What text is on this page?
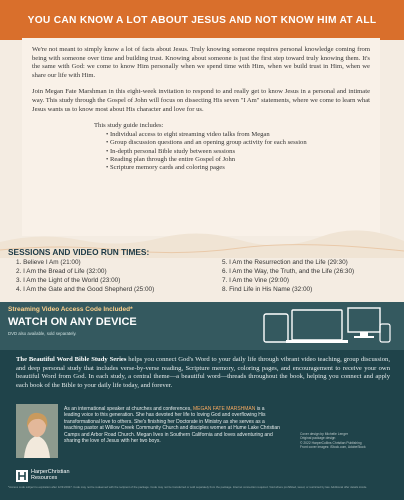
YOU CAN KNOW A LOT ABOUT JESUS AND NOT KNOW HIM AT ALL

We're not meant to simply know a lot of facts about Jesus. Truly knowing someone requires personal knowledge coming from being with someone over time and building trust. Knowing about someone is just the first step toward truly knowing them. It's the same with God: we come to know Him personally when we spend time with Him, when we build trust in Him, when we share our life with Him.

Join Megan Fate Marshman in this eight-week invitation to respond to and really get to know Jesus in a personal and intimate way. This study through the Gospel of John will focus on dissecting His seven "I Am" statements, where we come to learn what Jesus wants us to know most about His character and love for us.

This study guide includes:
• Individual access to eight streaming video talks from Megan
• Group discussion questions and an opening group activity for each session
• In-depth personal Bible study between sessions
• Reading plan through the entire Gospel of John
• Scripture memory cards and coloring pages
SESSIONS AND VIDEO RUN TIMES:
1. Believe I Am (21:00)
2. I Am the Bread of Life (32:00)
3. I Am the Light of the World (23:00)
4. I Am the Gate and the Good Shepherd (25:00)
5. I Am the Resurrection and the Life (29:30)
6. I Am the Way, the Truth, and the Life (26:30)
7. I Am the Vine (29:00)
8. Find Life in His Name (32:00)
Streaming Video Access Code Included*
WATCH ON ANY DEVICE
DVD also available, sold separately.
The Beautiful Word Bible Study Series helps you connect God's Word to your daily life through vibrant video teaching, group discussion, and deep personal study that includes verse-by-verse reading, Scripture memory, coloring pages, and encouragement to receive your own beautiful Word from God. In each study, a central theme—a beautiful word—threads throughout the book, helping you connect and apply each book of the Bible to your daily life today, and forever.
As an international speaker at churches and conferences, MEGAN FATE MARSHMAN is a leading voice to this generation. She has devoted her life to loving God and overflowing His transformational love to others. She's finishing her Doctorate in Ministry as she serves as a teaching pastor at Willow Creek Community Church and disciples women at Hume Lake Christian Camps and Arbor Road Church. Megan lives in Southern California and loves adventuring and sharing the love of Jesus with her two boys.
Cover design by Michelle Lenger
Original package design
© 2022 HarperCollins Christian Publishing
Front cover images: iStock.com, AdobeStock
HarperChristian
Resources
*Access code subject to expiration after 12/31/2027. Code may not be redeemed with the recipient of the package. Code may not be transferred or sold separately from the package. Internet connection required. Void where prohibited, taxed, or restricted by law. Additional offer details inside.
